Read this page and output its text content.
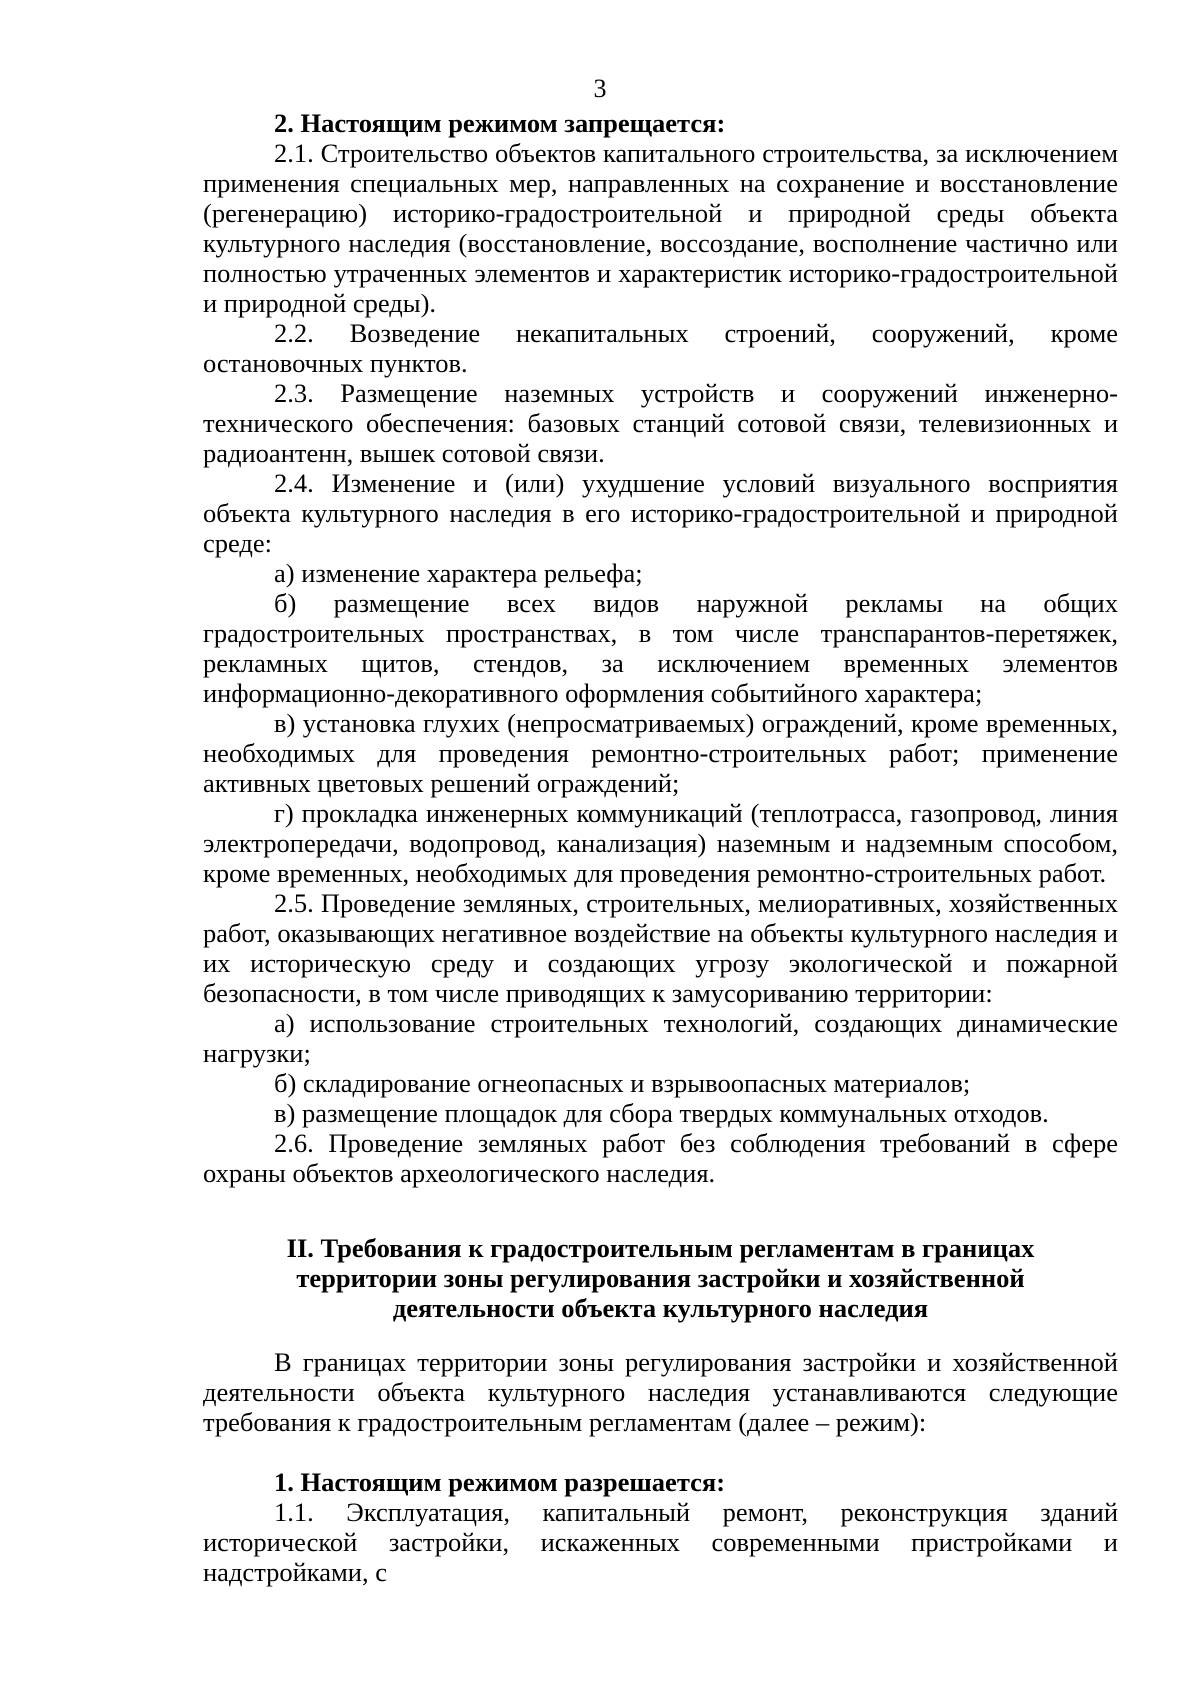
3

2. Настоящим режимом запрещается:

2.1. Строительство объектов капитального строительства, за исключением применения специальных мер, направленных на сохранение и восстановление (регенерацию) историко-градостроительной и природной среды объекта культурного наследия (восстановление, воссоздание, восполнение частично или полностью утраченных элементов и характеристик историко-градостроительной и природной среды).

2.2. Возведение некапитальных строений, сооружений, кроме остановочных пунктов.

2.3. Размещение наземных устройств и сооружений инженерно-технического обеспечения: базовых станций сотовой связи, телевизионных и радиоантенн, вышек сотовой связи.

2.4. Изменение и (или) ухудшение условий визуального восприятия объекта культурного наследия в его историко-градостроительной и природной среде:

а) изменение характера рельефа;

б) размещение всех видов наружной рекламы на общих градостроительных пространствах, в том числе транспарантов-перетяжек, рекламных щитов, стендов, за исключением временных элементов информационно-декоративного оформления событийного характера;

в) установка глухих (непросматриваемых) ограждений, кроме временных, необходимых для проведения ремонтно-строительных работ; применение активных цветовых решений ограждений;

г) прокладка инженерных коммуникаций (теплотрасса, газопровод, линия электропередачи, водопровод, канализация) наземным и надземным способом, кроме временных, необходимых для проведения ремонтно-строительных работ.

2.5. Проведение земляных, строительных, мелиоративных, хозяйственных работ, оказывающих негативное воздействие на объекты культурного наследия и их историческую среду и создающих угрозу экологической и пожарной безопасности, в том числе приводящих к замусориванию территории:

а) использование строительных технологий, создающих динамические нагрузки;

б) складирование огнеопасных и взрывоопасных материалов;

в) размещение площадок для сбора твердых коммунальных отходов.

2.6. Проведение земляных работ без соблюдения требований в сфере охраны объектов археологического наследия.

II. Требования к градостроительным регламентам в границах
территории зоны регулирования застройки и хозяйственной
деятельности объекта культурного наследия

В границах территории зоны регулирования застройки и хозяйственной деятельности объекта культурного наследия устанавливаются следующие требования к градостроительным регламентам (далее – режим):

1. Настоящим режимом разрешается:

1.1. Эксплуатация, капитальный ремонт, реконструкция зданий исторической застройки, искаженных современными пристройками и надстройками, с
